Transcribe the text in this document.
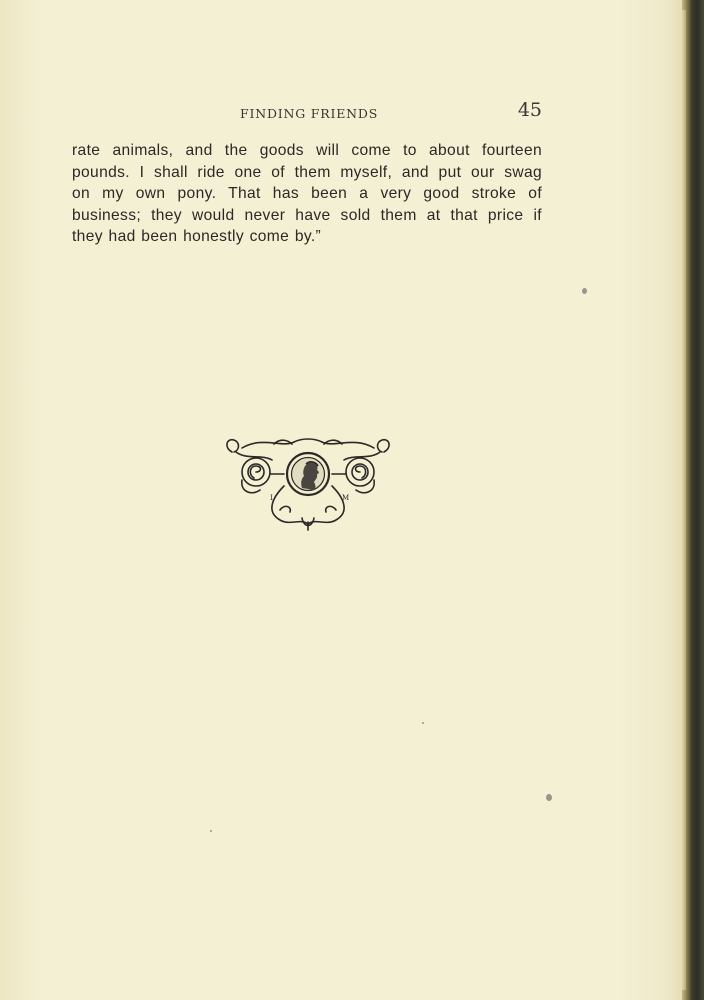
FINDING FRIENDS	45
rate animals, and the goods will come to about fourteen
pounds. I shall ride one of them myself, and put our swag
on my own pony. That has been a very good stroke of
business; they would never have sold them at that price if
they had been honestly come by.”
L	M
